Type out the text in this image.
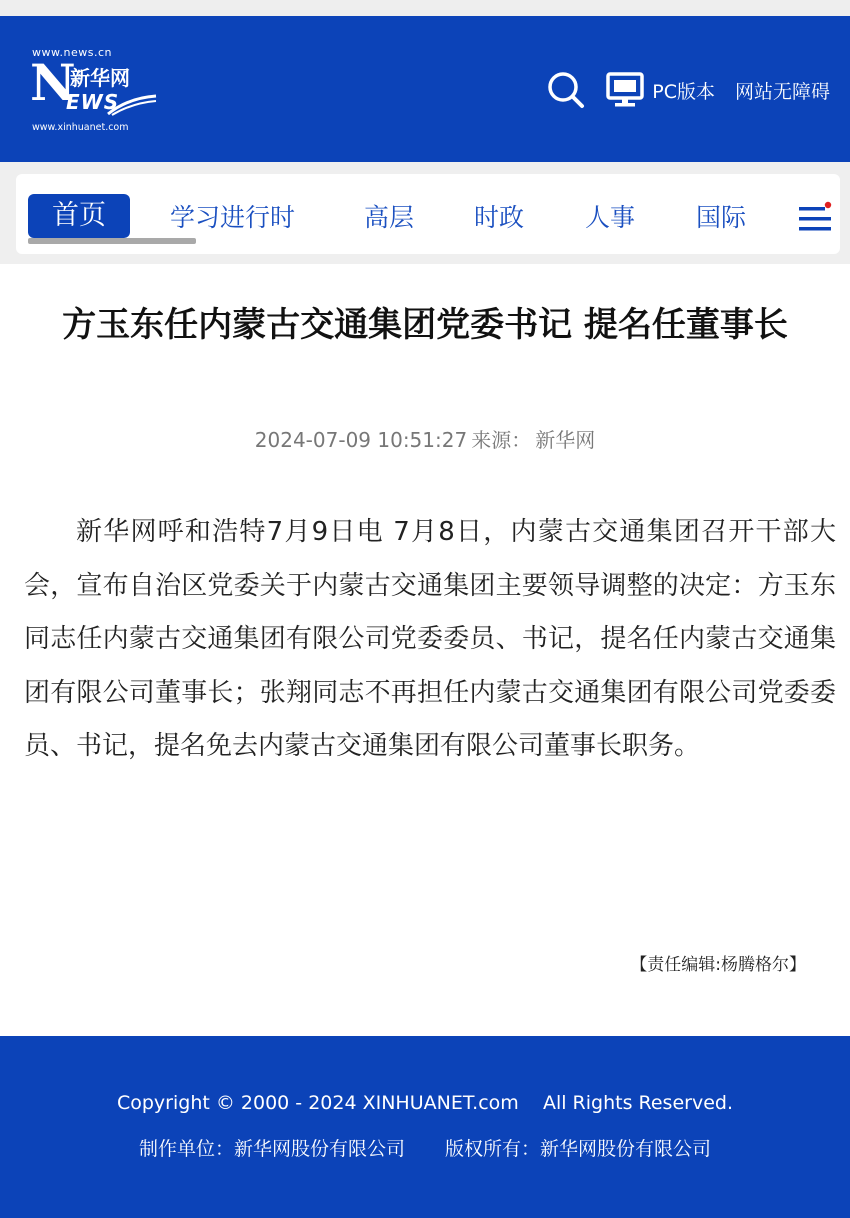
www.news.cn
N
新华网
EWS
www.xinhuanet.com
PC版本 网站无障碍
首页	学习进行时	高层 时政 人事 国际
方玉东任内蒙古交通集团党委书记 提名任董事长
2024-07-09 10:51:27 来源： 新华网

新华网呼和浩特7月9日电 7月8日，内蒙古交通集团召开干部大会，宣布自治区党委关于内蒙古交通集团主要领导调整的决定：方玉东同志任内蒙古交通集团有限公司党委委员、书记，提名任内蒙古交通集团有限公司董事长；张翔同志不再担任内蒙古交通集团有限公司党委委员、书记，提名免去内蒙古交通集团有限公司董事长职务。

【责任编辑:杨腾格尔】
Copyright © 2000 - 2024 XINHUANET.com    All Rights Reserved.
制作单位：新华网股份有限公司 版权所有：新华网股份有限公司
